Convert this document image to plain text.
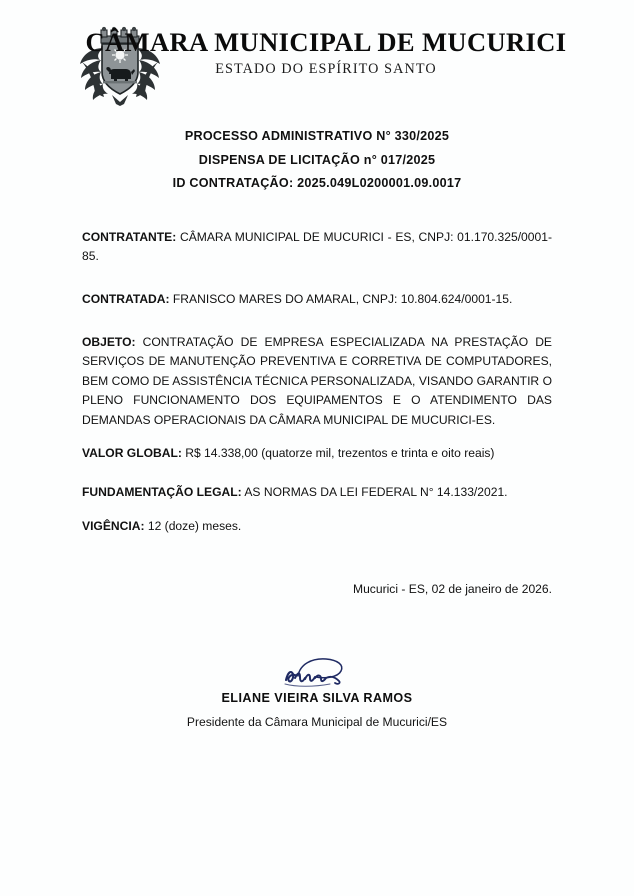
CÂMARA MUNICIPAL DE MUCURICI
ESTADO DO ESPÍRITO SANTO
PROCESSO ADMINISTRATIVO N° 330/2025
DISPENSA DE LICITAÇÃO n° 017/2025
ID CONTRATAÇÃO: 2025.049L0200001.09.0017

CONTRATANTE: CÂMARA MUNICIPAL DE MUCURICI - ES, CNPJ: 01.170.325/0001-85.

CONTRATADA: FRANISCO MARES DO AMARAL, CNPJ: 10.804.624/0001-15.

OBJETO: CONTRATAÇÃO DE EMPRESA ESPECIALIZADA NA PRESTAÇÃO DE SERVIÇOS DE MANUTENÇÃO PREVENTIVA E CORRETIVA DE COMPUTADORES, BEM COMO DE ASSISTÊNCIA TÉCNICA PERSONALIZADA, VISANDO GARANTIR O PLENO FUNCIONAMENTO DOS EQUIPAMENTOS E O ATENDIMENTO DAS DEMANDAS OPERACIONAIS DA CÂMARA MUNICIPAL DE MUCURICI-ES.

VALOR GLOBAL: R$ 14.338,00 (quatorze mil, trezentos e trinta e oito reais)

FUNDAMENTAÇÃO LEGAL: AS NORMAS DA LEI FEDERAL N° 14.133/2021.

VIGÊNCIA: 12 (doze) meses.

Mucurici - ES, 02 de janeiro de 2026.
ELIANE VIEIRA SILVA RAMOS
Presidente da Câmara Municipal de Mucurici/ES
